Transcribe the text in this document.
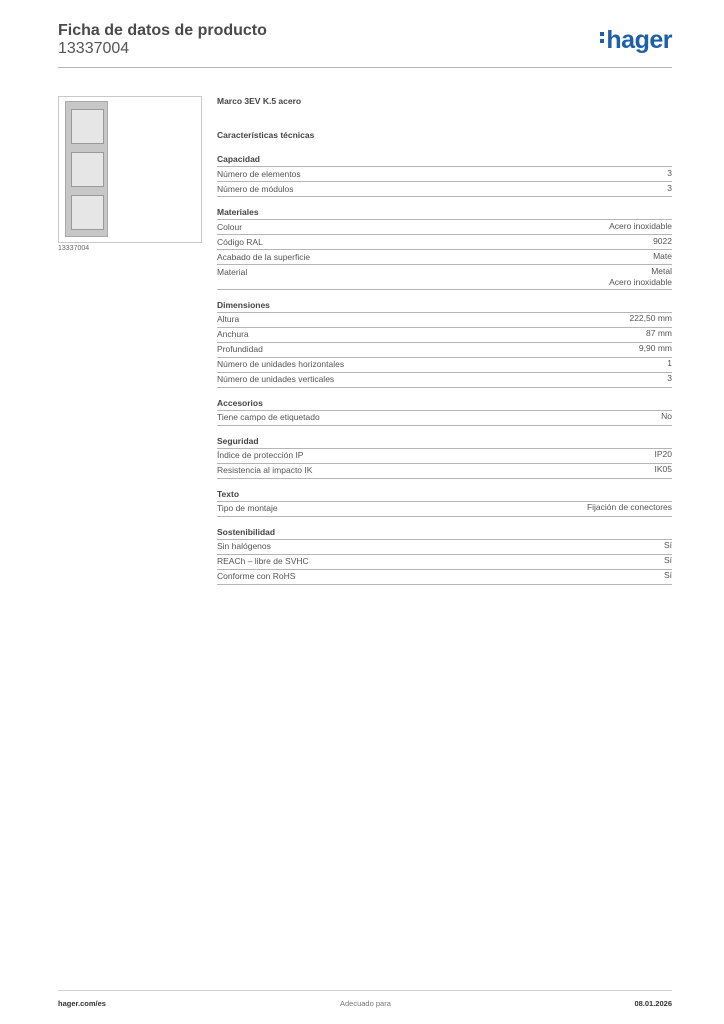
Ficha de datos de producto
13337004	hager
13337004
Marco 3EV K.5 acero
Características técnicas
Capacidad
Número de elementos	3
Número de módulos	3
Materiales
Colour	Acero inoxidable
Código RAL	9022
Acabado de la superficie	Mate
Material	Metal
Acero inoxidable
Dimensiones
Altura	222,50 mm
Anchura	87 mm
Profundidad	9,90 mm
Número de unidades horizontales	1
Número de unidades verticales	3
Accesorios
Tiene campo de etiquetado	No
Seguridad
Índice de protección IP	IP20
Resistencia al impacto IK	IK05
Texto
Tipo de montaje	Fijación de conectores
Sostenibilidad
Sin halógenos	Sí
REACh – libre de SVHC	Sí
Conforme con RoHS	Sí
hager.com/es	Adecuado para	08.01.2026
